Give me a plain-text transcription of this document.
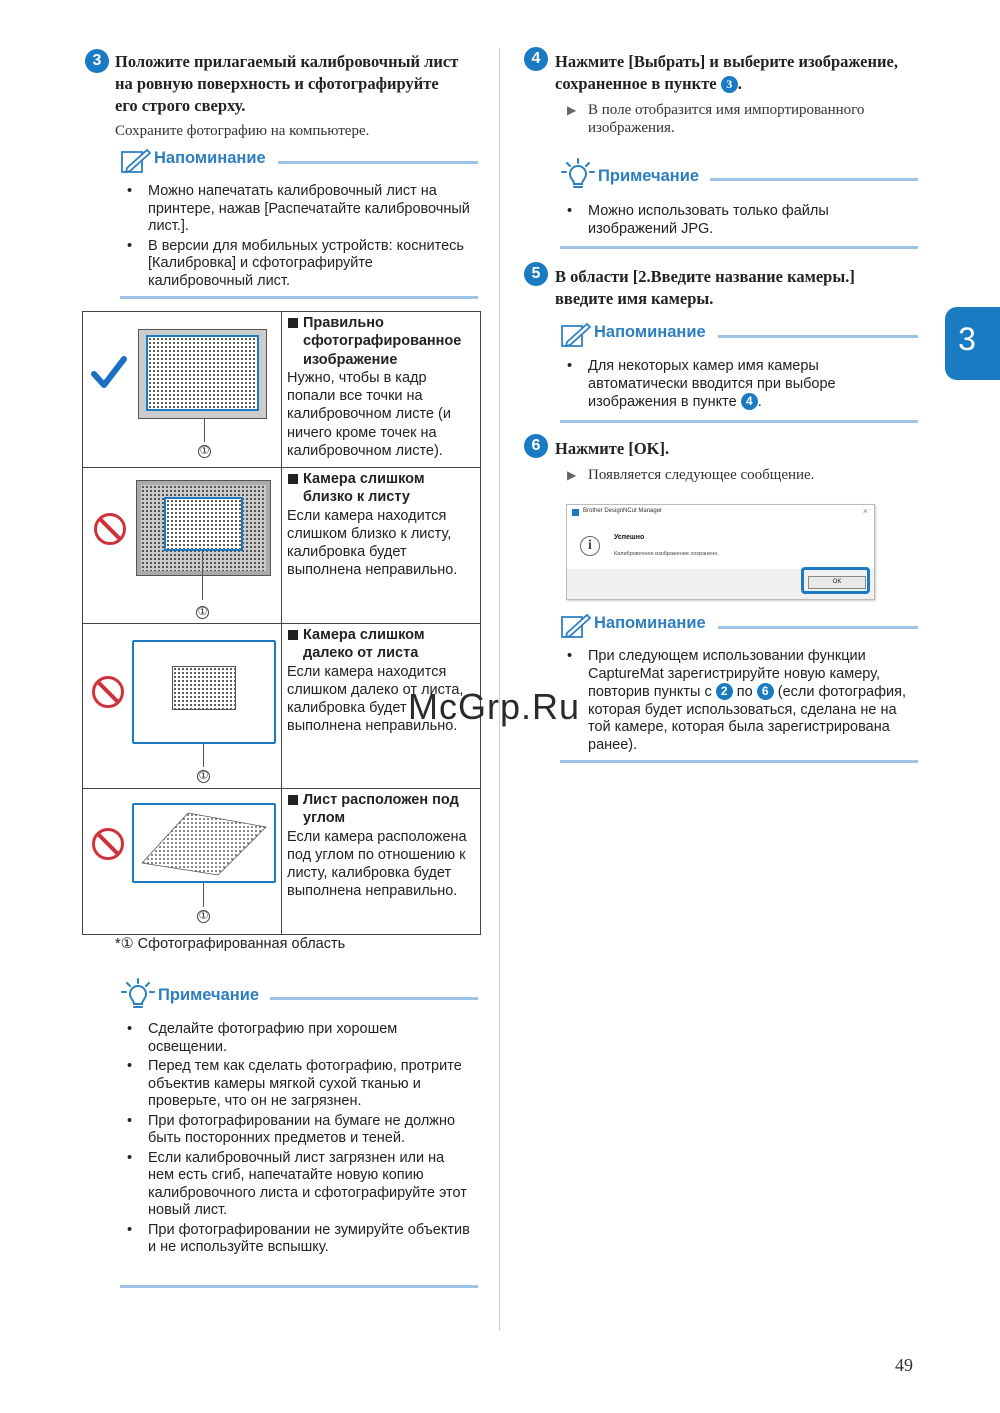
3 Положите прилагаемый калибровочный лист
на ровную поверхность и сфотографируйте
его строго сверху.
Сохраните фотографию на компьютере.
Напоминание
• Можно напечатать калибровочный лист на принтере, нажав [Распечатайте калибровочный лист.].
• В версии для мобильных устройств: коснитесь [Калибровка] и сфотографируйте калибровочный лист.
①	Правильно сфотографированное изображение
Нужно, чтобы в кадр попали все точки на калибровочном листе (и ничего кроме точек на калибровочном листе).

①	Камера слишком близко к листу
Если камера находится слишком близко к листу, калибровка будет выполнена неправильно.

①	Камера слишком далеко от листа
Если камера находится слишком далеко от листа, калибровка будет выполнена неправильно.

①	Лист расположен под углом
Если камера расположена под углом по отношению к листу, калибровка будет выполнена неправильно.
*① Сфотографированная область
Примечание
• Сделайте фотографию при хорошем освещении.
• Перед тем как сделать фотографию, протрите объектив камеры мягкой сухой тканью и проверьте, что он не загрязнен.
• При фотографировании на бумаге не должно быть посторонних предметов и теней.
• Если калибровочный лист загрязнен или на нем есть сгиб, напечатайте новую копию калибровочного листа и сфотографируйте этот новый лист.
• При фотографировании не зумируйте объектив и не используйте вспышку.
4 Нажмите [Выбрать] и выберите изображение,
сохраненное в пункте 3 .
▶ В поле отобразится имя импортированного изображения.
Примечание
• Можно использовать только файлы изображений JPG.
5 В области [2.Введите название камеры.]
введите имя камеры.
Напоминание
• Для некоторых камер имя камеры автоматически вводится при выборе изображения в пункте 4 .
6 Нажмите [OK].
▶ Появляется следующее сообщение.
Brother DesignNCut Manager	×
i
Успешно
Калибровочное изображение сохранено.
OK
Напоминание
• При следующем использовании функции CaptureMat зарегистрируйте новую камеру, повторив пункты с 2 по 6 (если фотография, которая будет использоваться, сделана не на той камере, которая была зарегистрирована ранее).
McGrp.Ru
3
49
